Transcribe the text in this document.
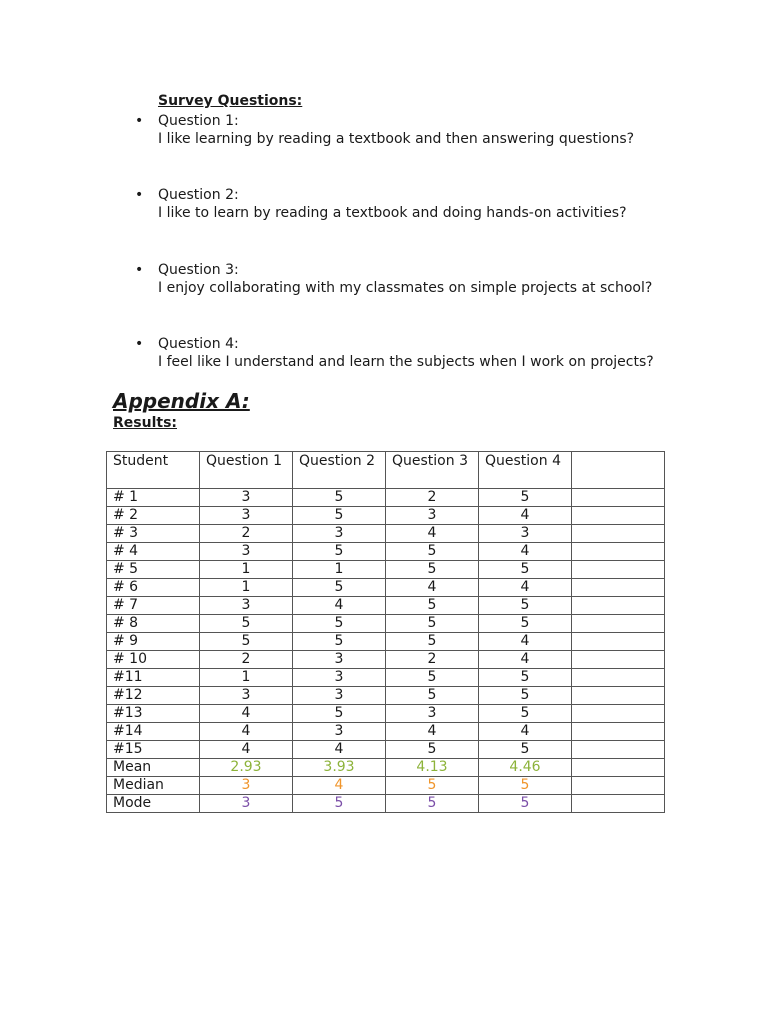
Survey Questions:
• Question 1:
I like learning by reading a textbook and then answering questions?
• Question 2:
I like to learn by reading a textbook and doing hands-on activities?
• Question 3:
I enjoy collaborating with my classmates on simple projects at school?
• Question 4:
I feel like I understand and learn the subjects when I work on projects?
Appendix A:
Results:
Student	Question 1	Question 2	Question 3	Question 4	
# 1	3	5	2	5	
# 2	3	5	3	4	
# 3	2	3	4	3	
# 4	3	5	5	4	
# 5	1	1	5	5	
# 6	1	5	4	4	
# 7	3	4	5	5	
# 8	5	5	5	5	
# 9	5	5	5	4	
# 10	2	3	2	4	
#11	1	3	5	5	
#12	3	3	5	5	
#13	4	5	3	5	
#14	4	3	4	4	
#15	4	4	5	5	
Mean	2.93	3.93	4.13	4.46	
Median	3	4	5	5	
Mode	3	5	5	5	
